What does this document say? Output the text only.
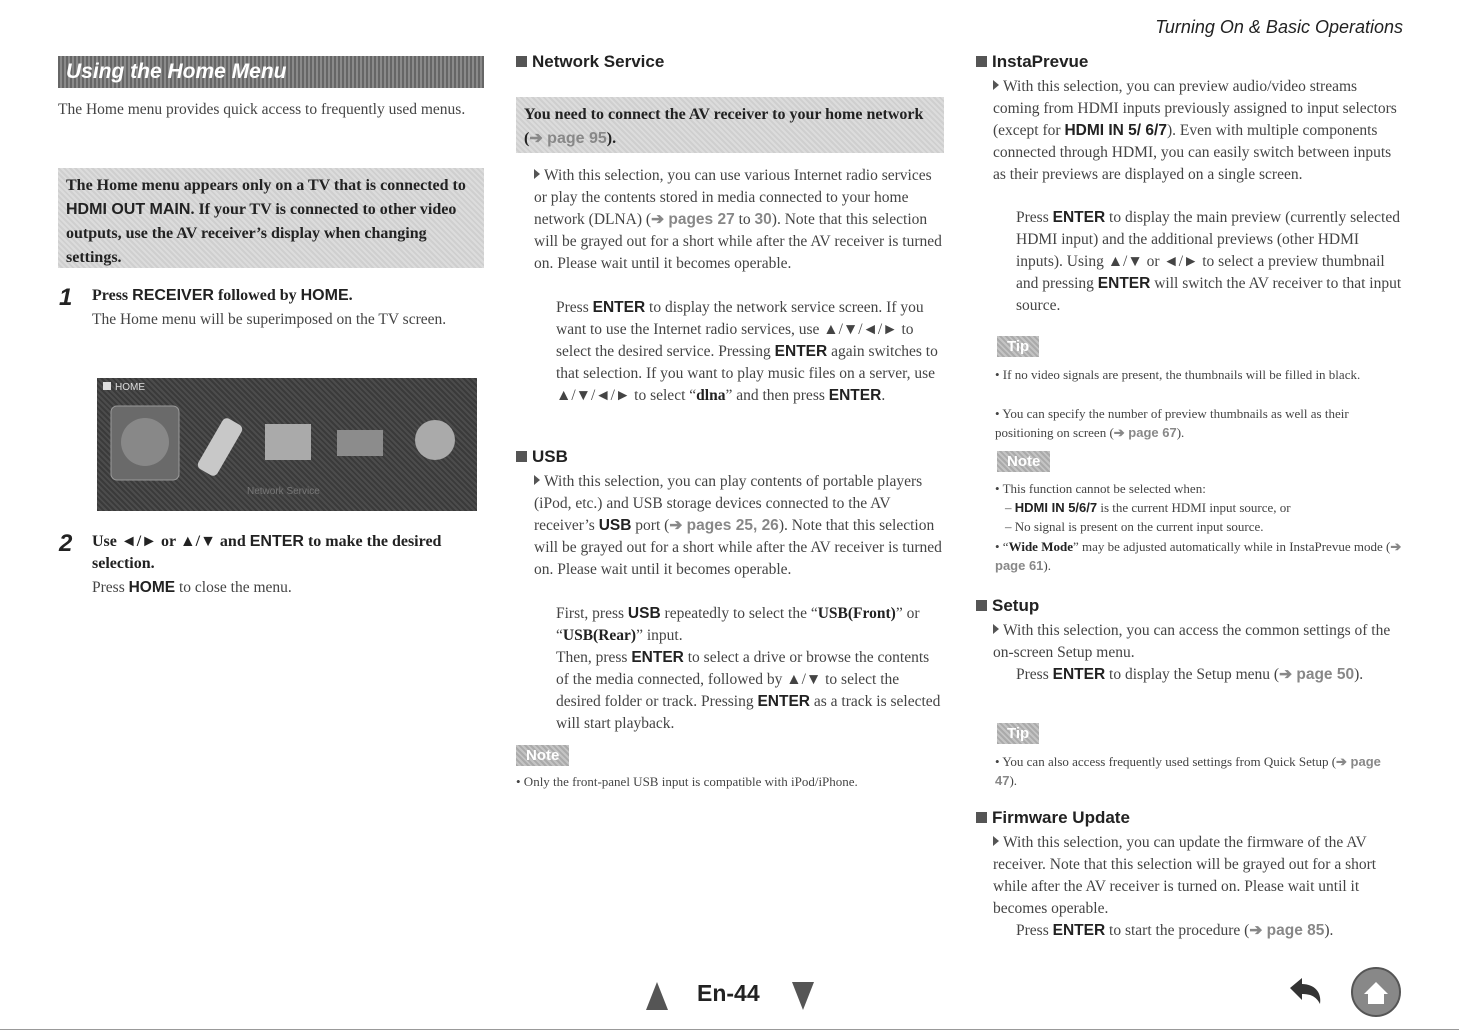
Turning On & Basic Operations
Using the Home Menu

The Home menu provides quick access to frequently used menus.

The Home menu appears only on a TV that is connected to HDMI OUT MAIN. If your TV is connected to other video outputs, use the AV receiver’s display when changing settings.
1 Press RECEIVER followed by HOME.

The Home menu will be superimposed on the TV screen.

HOME
Network Service
2 Use ◄/► or ▲/▼ and ENTER to make the desired selection.

Press HOME to close the menu.

Network Service
You need to connect the AV receiver to your home network (➔ page 95).

With this selection, you can use various Internet radio services or play the contents stored in media connected to your home network (DLNA) (➔ pages 27 to 30). Note that this selection will be grayed out for a short while after the AV receiver is turned on. Please wait until it becomes operable.

Press ENTER to display the network service screen. If you want to use the Internet radio services, use ▲/▼/◄/► to select the desired service. Pressing ENTER again switches to that selection. If you want to play music files on a server, use ▲/▼/◄/► to select “dlna” and then press ENTER.

USB

With this selection, you can play contents of portable players (iPod, etc.) and USB storage devices connected to the AV receiver’s USB port (➔ pages 25, 26). Note that this selection will be grayed out for a short while after the AV receiver is turned on. Please wait until it becomes operable.

First, press USB repeatedly to select the “USB(Front)” or “USB(Rear)” input.

Then, press ENTER to select a drive or browse the contents of the media connected, followed by ▲/▼ to select the desired folder or track. Pressing ENTER as a track is selected will start playback.

Note

• Only the front-panel USB input is compatible with iPod/iPhone.

InstaPrevue

With this selection, you can preview audio/video streams coming from HDMI inputs previously assigned to input selectors (except for HDMI IN 5/ 6/7). Even with multiple components connected through HDMI, you can easily switch between inputs as their previews are displayed on a single screen.

Press ENTER to display the main preview (currently selected HDMI input) and the additional previews (other HDMI inputs). Using ▲/▼ or ◄/► to select a preview thumbnail and pressing ENTER will switch the AV receiver to that input source.

Tip

• If no video signals are present, the thumbnails will be filled in black.

• You can specify the number of preview thumbnails as well as their positioning on screen (➔ page 67).

Note

• This function cannot be selected when:

– HDMI IN 5/6/7 is the current HDMI input source, or

– No signal is present on the current input source.

• “Wide Mode” may be adjusted automatically while in InstaPrevue mode (➔ page 61).

Setup

With this selection, you can access the common settings of the on-screen Setup menu.

Press ENTER to display the Setup menu (➔ page 50).

Tip

• You can also access frequently used settings from Quick Setup (➔ page 47).

Firmware Update

With this selection, you can update the firmware of the AV receiver. Note that this selection will be grayed out for a short while after the AV receiver is turned on. Please wait until it becomes operable.

Press ENTER to start the procedure (➔ page 85).

En-44
